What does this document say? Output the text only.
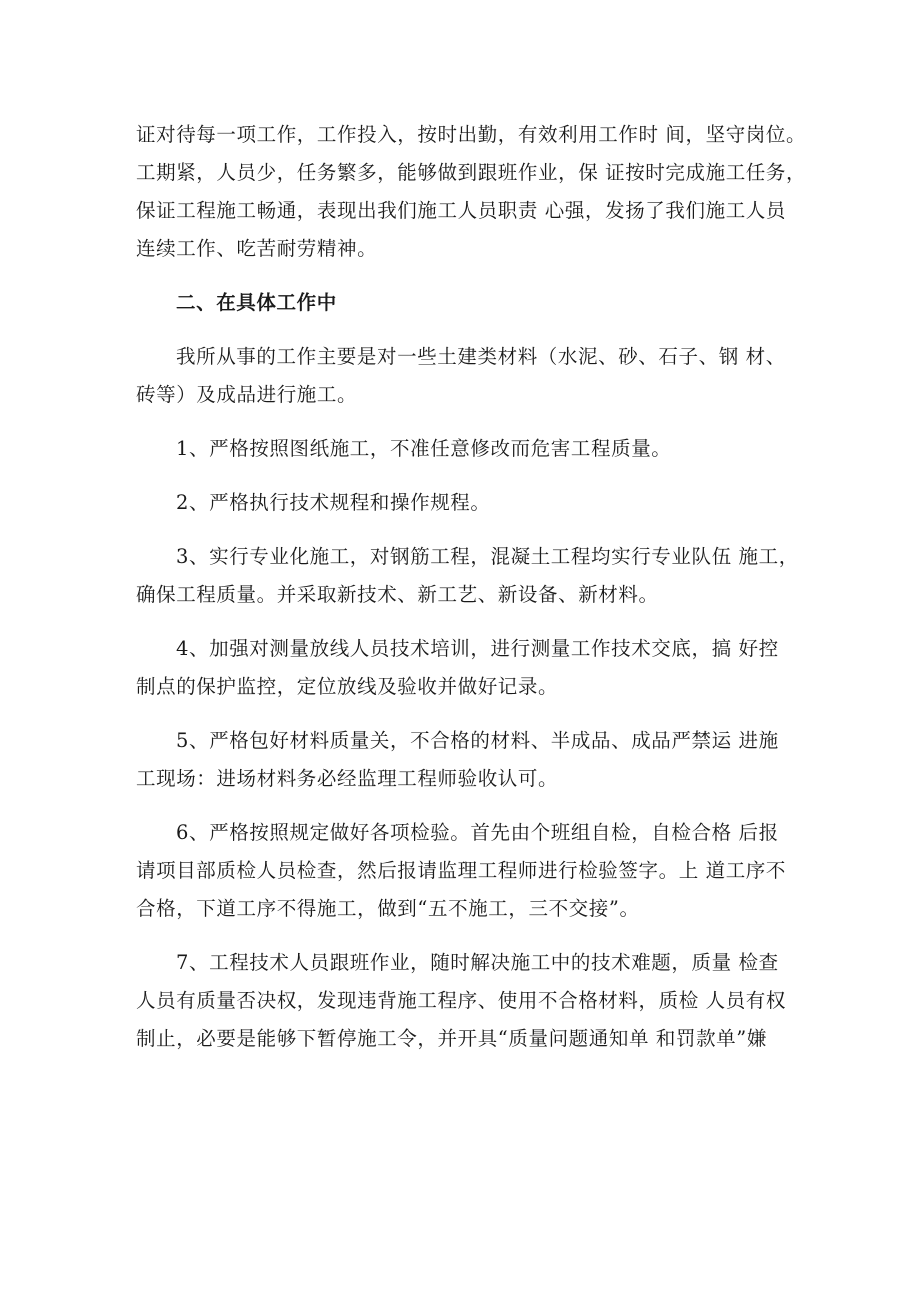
证对待每一项工作，工作投入，按时出勤，有效利用工作时 间，坚守岗位。
工期紧，人员少，任务繁多，能够做到跟班作业，保 证按时完成施工任务，
保证工程施工畅通，表现出我们施工人员职责 心强，发扬了我们施工人员
连续工作、吃苦耐劳精神。
二、在具体工作中
我所从事的工作主要是对一些土建类材料（水泥、砂、石子、钢 材、
砖等）及成品进行施工。
1、严格按照图纸施工，不准任意修改而危害工程质量。
2、严格执行技术规程和操作规程。
3、实行专业化施工，对钢筋工程，混凝土工程均实行专业队伍 施工，
确保工程质量。并采取新技术、新工艺、新设备、新材料。
4、加强对测量放线人员技术培训，进行测量工作技术交底，搞 好控
制点的保护监控，定位放线及验收并做好记录。
5、严格包好材料质量关，不合格的材料、半成品、成品严禁运 进施
工现场：进场材料务必经监理工程师验收认可。
6、严格按照规定做好各项检验。首先由个班组自检，自检合格 后报
请项目部质检人员检查，然后报请监理工程师进行检验签字。上 道工序不
合格，下道工序不得施工，做到“五不施工，三不交接”。
7、工程技术人员跟班作业，随时解决施工中的技术难题，质量 检查
人员有质量否决权，发现违背施工程序、使用不合格材料，质检 人员有权
制止，必要是能够下暂停施工令，并开具“质量问题通知单 和罚款单”嫌
